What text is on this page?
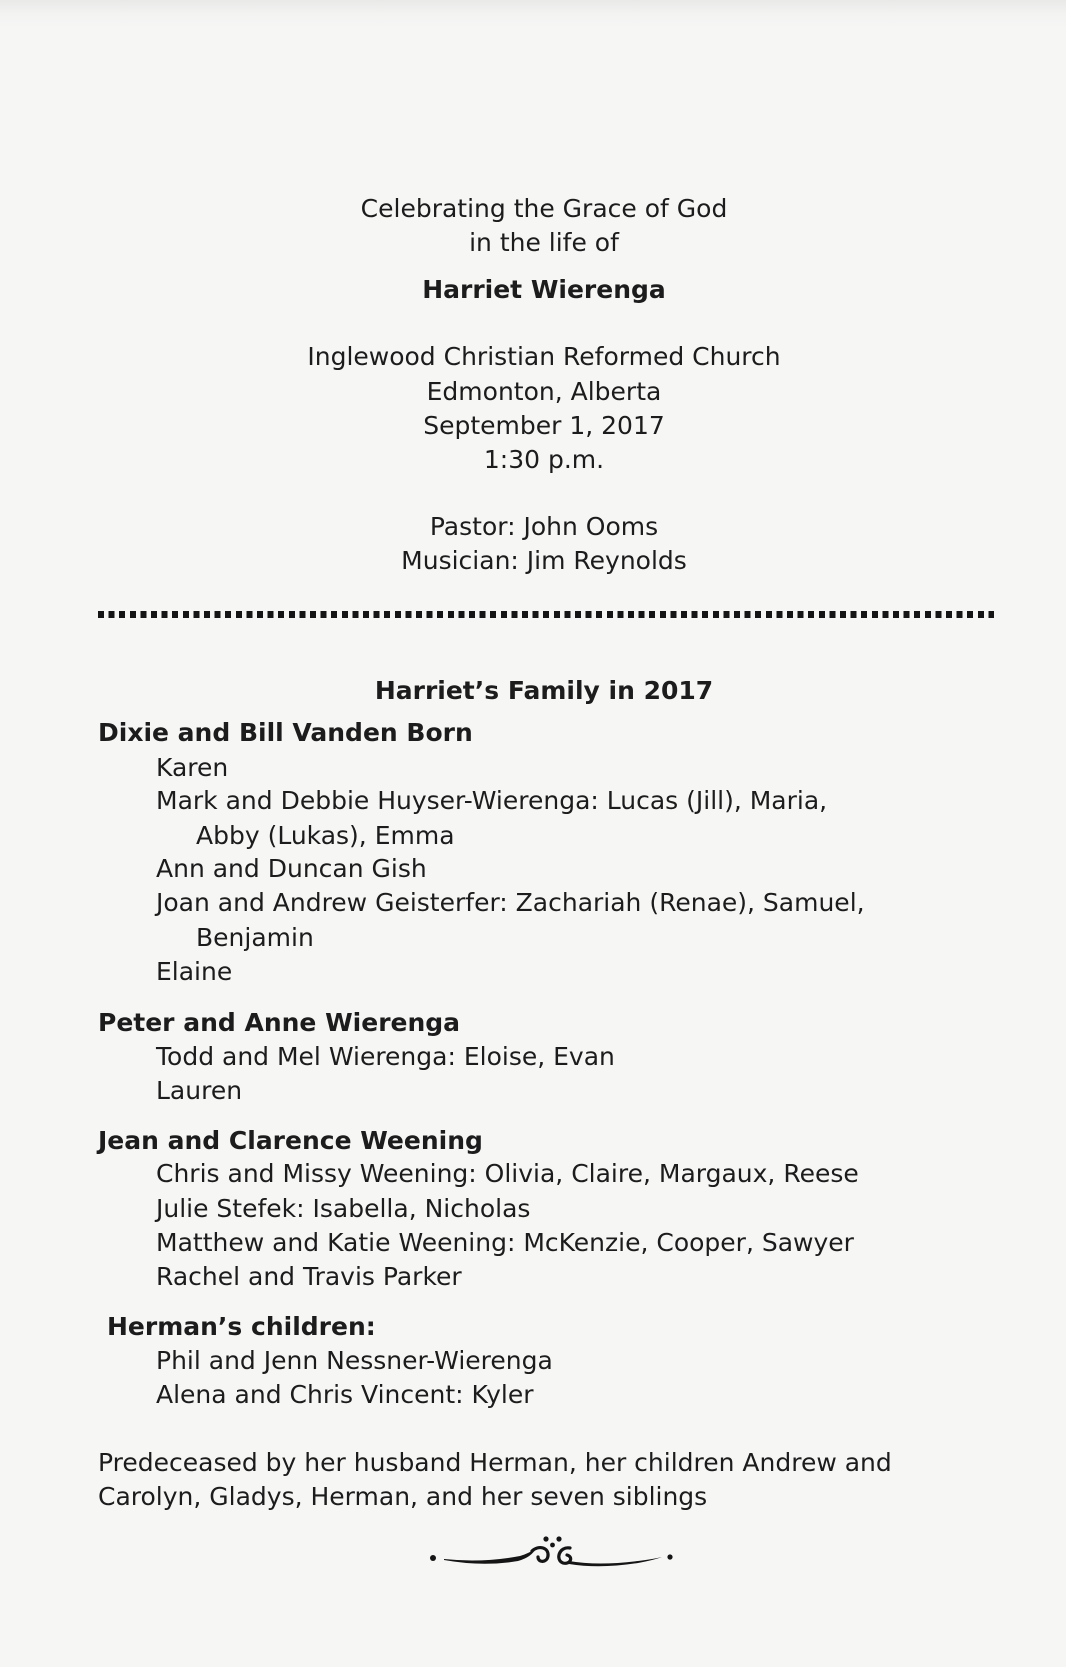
Celebrating the Grace of God
in the life of
Harriet Wierenga
Inglewood Christian Reformed Church
Edmonton, Alberta
September 1, 2017
1:30 p.m.
Pastor: John Ooms
Musician: Jim Reynolds
Harriet’s Family in 2017
Dixie and Bill Vanden Born
Karen
Mark and Debbie Huyser-Wierenga: Lucas (Jill), Maria,
Abby (Lukas), Emma
Ann and Duncan Gish
Joan and Andrew Geisterfer: Zachariah (Renae), Samuel,
Benjamin
Elaine
Peter and Anne Wierenga
Todd and Mel Wierenga: Eloise, Evan
Lauren
Jean and Clarence Weening
Chris and Missy Weening: Olivia, Claire, Margaux, Reese
Julie Stefek: Isabella, Nicholas
Matthew and Katie Weening: McKenzie, Cooper, Sawyer
Rachel and Travis Parker
Herman’s children:
Phil and Jenn Nessner-Wierenga
Alena and Chris Vincent: Kyler
Predeceased by her husband Herman, her children Andrew and
Carolyn, Gladys, Herman, and her seven siblings
